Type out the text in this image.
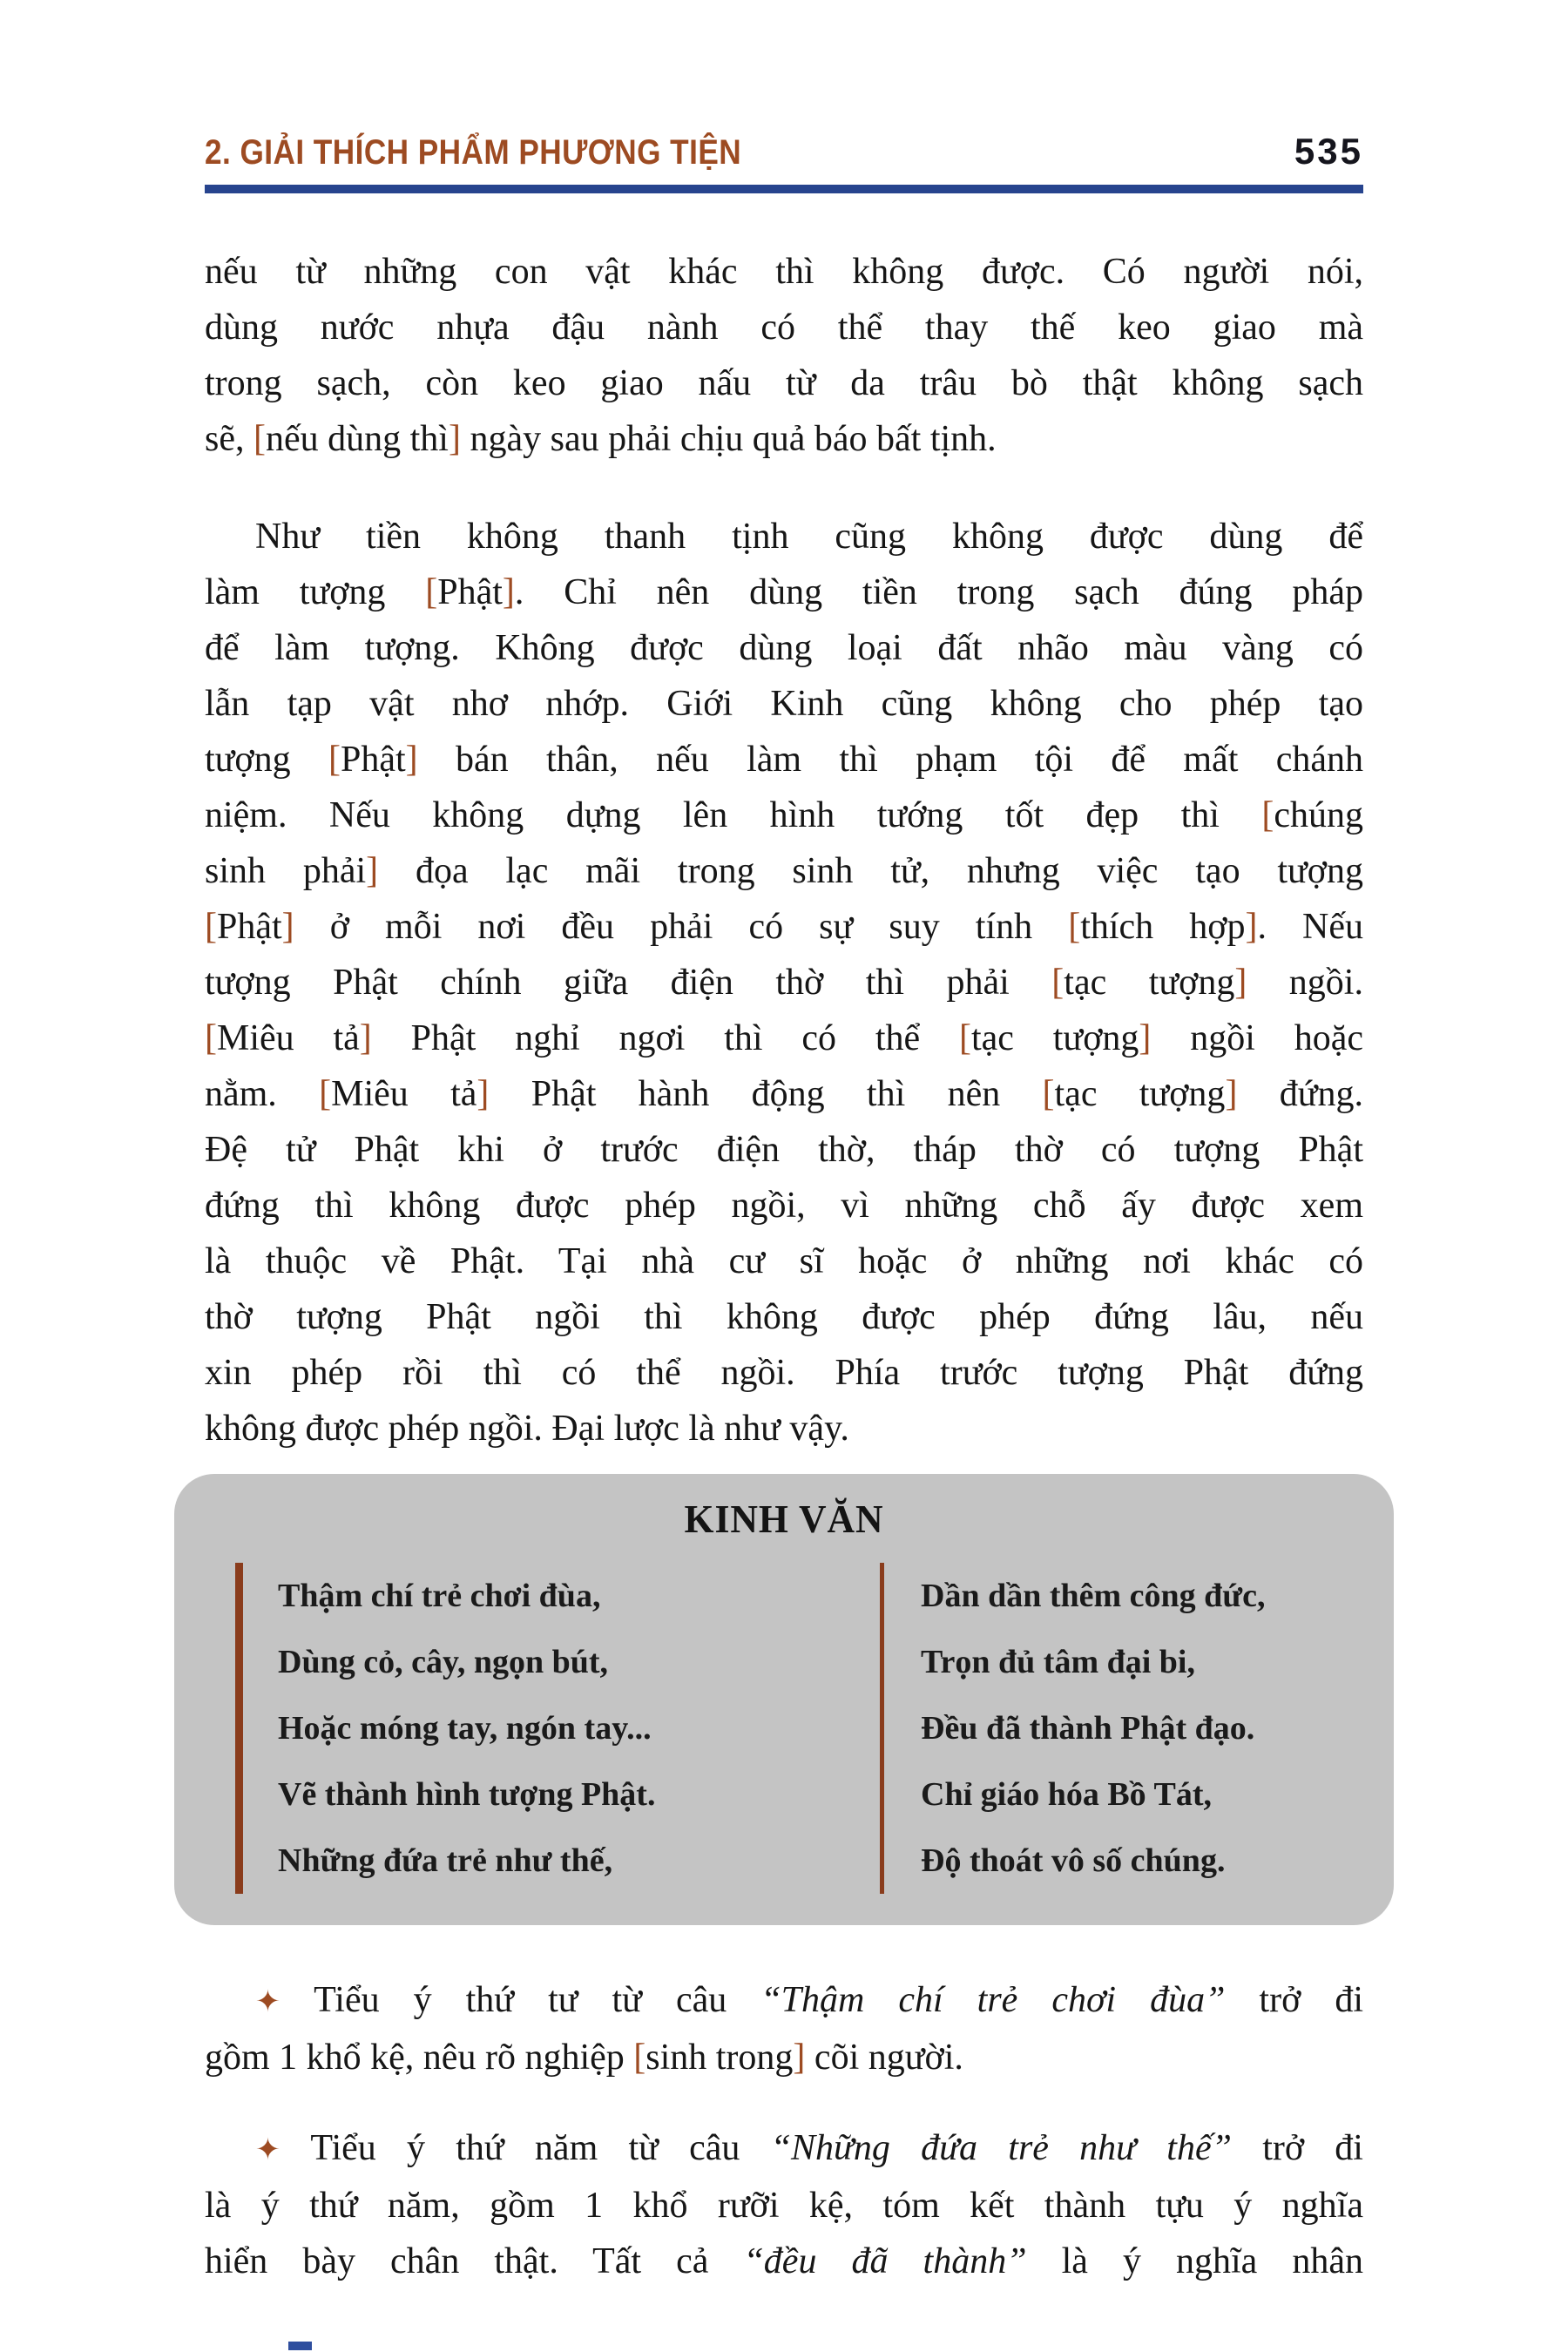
2. GIẢI THÍCH PHẨM PHƯƠNG TIỆN	535
nếu từ những con vật khác thì không được. Có người nói,
dùng nước nhựa đậu nành có thể thay thế keo giao mà
trong sạch, còn keo giao nấu từ da trâu bò thật không sạch
sẽ, [nếu dùng thì] ngày sau phải chịu quả báo bất tịnh.
Như tiền không thanh tịnh cũng không được dùng để
làm tượng [Phật]. Chỉ nên dùng tiền trong sạch đúng pháp
để làm tượng. Không được dùng loại đất nhão màu vàng có
lẫn tạp vật nhơ nhớp. Giới Kinh cũng không cho phép tạo
tượng [Phật] bán thân, nếu làm thì phạm tội để mất chánh
niệm. Nếu không dựng lên hình tướng tốt đẹp thì [chúng
sinh phải] đọa lạc mãi trong sinh tử, nhưng việc tạo tượng
[Phật] ở mỗi nơi đều phải có sự suy tính [thích hợp]. Nếu
tượng Phật chính giữa điện thờ thì phải [tạc tượng] ngồi.
[Miêu tả] Phật nghỉ ngơi thì có thể [tạc tượng] ngồi hoặc
nằm. [Miêu tả] Phật hành động thì nên [tạc tượng] đứng.
Đệ tử Phật khi ở trước điện thờ, tháp thờ có tượng Phật
đứng thì không được phép ngồi, vì những chỗ ấy được xem
là thuộc về Phật. Tại nhà cư sĩ hoặc ở những nơi khác có
thờ tượng Phật ngồi thì không được phép đứng lâu, nếu
xin phép rồi thì có thể ngồi. Phía trước tượng Phật đứng
không được phép ngồi. Đại lược là như vậy.
KINH VĂN
Thậm chí trẻ chơi đùa,
Dùng cỏ, cây, ngọn bút,
Hoặc móng tay, ngón tay...
Vẽ thành hình tượng Phật.
Những đứa trẻ như thế,
Dần dần thêm công đức,
Trọn đủ tâm đại bi,
Đều đã thành Phật đạo.
Chỉ giáo hóa Bồ Tát,
Độ thoát vô số chúng.
✦ Tiểu ý thứ tư từ câu “Thậm chí trẻ chơi đùa” trở đi
gồm 1 khổ kệ, nêu rõ nghiệp [sinh trong] cõi người.
✦ Tiểu ý thứ năm từ câu “Những đứa trẻ như thế” trở đi
là ý thứ năm, gồm 1 khổ rưỡi kệ, tóm kết thành tựu ý nghĩa
hiển bày chân thật. Tất cả “đều đã thành” là ý nghĩa nhân
